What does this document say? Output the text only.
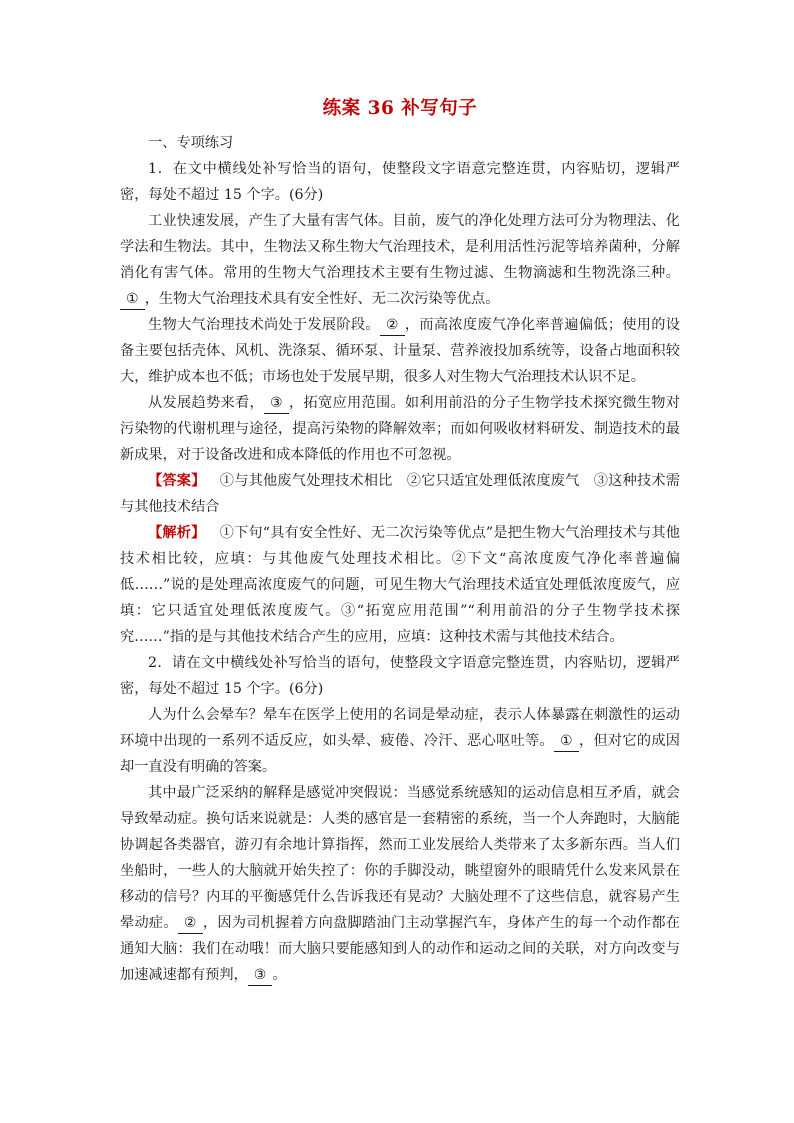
练案 36 补写句子

一、专项练习

1．在文中横线处补写恰当的语句，使整段文字语意完整连贯，内容贴切，逻辑严密，每处不超过 15 个字。(6分)

工业快速发展，产生了大量有害气体。目前，废气的净化处理方法可分为物理法、化学法和生物法。其中，生物法又称生物大气治理技术，是利用活性污泥等培养菌种，分解消化有害气体。常用的生物大气治理技术主要有生物过滤、生物滴滤和生物洗涤三种。① ，生物大气治理技术具有安全性好、无二次污染等优点。

生物大气治理技术尚处于发展阶段。 ② ，而高浓度废气净化率普遍偏低；使用的设备主要包括壳体、风机、洗涤泵、循环泵、计量泵、营养液投加系统等，设备占地面积较大，维护成本也不低；市场也处于发展早期，很多人对生物大气治理技术认识不足。

从发展趋势来看， ③ ，拓宽应用范围。如利用前沿的分子生物学技术探究微生物对污染物的代谢机理与途径，提高污染物的降解效率；而如何吸收材料研发、制造技术的最新成果，对于设备改进和成本降低的作用也不可忽视。

【答案】 ①与其他废气处理技术相比 ②它只适宜处理低浓度废气 ③这种技术需与其他技术结合

【解析】 ①下句“具有安全性好、无二次污染等优点”是把生物大气治理技术与其他技术相比较，应填：与其他废气处理技术相比。②下文“高浓度废气净化率普遍偏低……”说的是处理高浓度废气的问题，可见生物大气治理技术适宜处理低浓度废气，应填：它只适宜处理低浓度废气。③“拓宽应用范围”“利用前沿的分子生物学技术探究……”指的是与其他技术结合产生的应用，应填：这种技术需与其他技术结合。

2．请在文中横线处补写恰当的语句，使整段文字语意完整连贯，内容贴切，逻辑严密，每处不超过 15 个字。(6分)

人为什么会晕车？晕车在医学上使用的名词是晕动症，表示人体暴露在刺激性的运动环境中出现的一系列不适反应，如头晕、疲倦、冷汗、恶心呕吐等。 ① ，但对它的成因却一直没有明确的答案。

其中最广泛采纳的解释是感觉冲突假说：当感觉系统感知的运动信息相互矛盾，就会导致晕动症。换句话来说就是：人类的感官是一套精密的系统，当一个人奔跑时，大脑能协调起各类器官，游刃有余地计算指挥，然而工业发展给人类带来了太多新东西。当人们坐船时，一些人的大脑就开始失控了：你的手脚没动，眺望窗外的眼睛凭什么发来风景在移动的信号？内耳的平衡感凭什么告诉我还有晃动？大脑处理不了这些信息，就容易产生晕动症。 ② ，因为司机握着方向盘脚踏油门主动掌握汽车，身体产生的每一个动作都在通知大脑：我们在动哦！而大脑只要能感知到人的动作和运动之间的关联，对方向改变与加速减速都有预判， ③ 。
